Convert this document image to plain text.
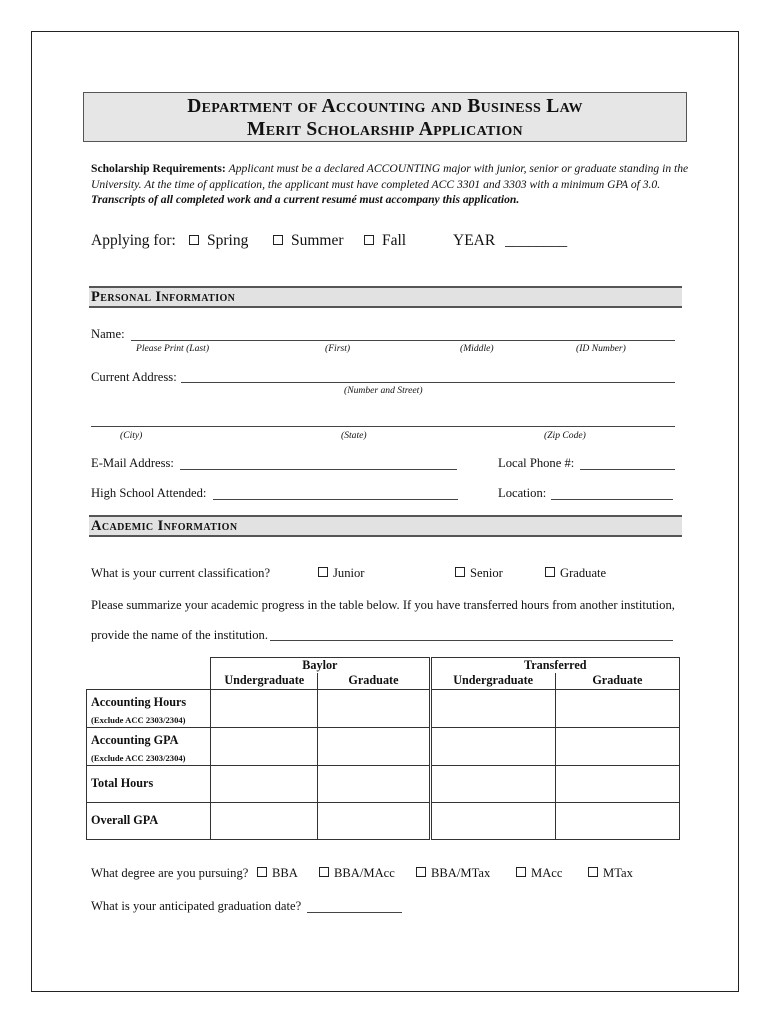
Department of Accounting and Business Law
Merit Scholarship Application
Scholarship Requirements: Applicant must be a declared ACCOUNTING major with junior, senior or graduate standing in the University. At the time of application, the applicant must have completed ACC 3301 and 3303 with a minimum GPA of 3.0. Transcripts of all completed work and a current resumé must accompany this application.
Applying for:	Spring	Summer	Fall	YEAR ________
Personal Information
Name:
Please Print (Last)	(First)	(Middle)	(ID Number)
Current Address:
(Number and Street)
(City)	(State)	(Zip Code)
E-Mail Address:	Local Phone #:
High School Attended:	Location:
Academic Information
What is your current classification?	Junior	Senior	Graduate
Please summarize your academic progress in the table below. If you have transferred hours from another institution,
provide the name of the institution.
	Baylor		Transferred	
	Undergraduate	Graduate	Undergraduate	Graduate
Accounting Hours
(Exclude ACC 2303/2304)				

Accounting GPA
(Exclude ACC 2303/2304)				

Total Hours				
Overall GPA				
What degree are you pursuing?	BBA	BBA/MAcc	BBA/MTax	MAcc	MTax
What is your anticipated graduation date?
